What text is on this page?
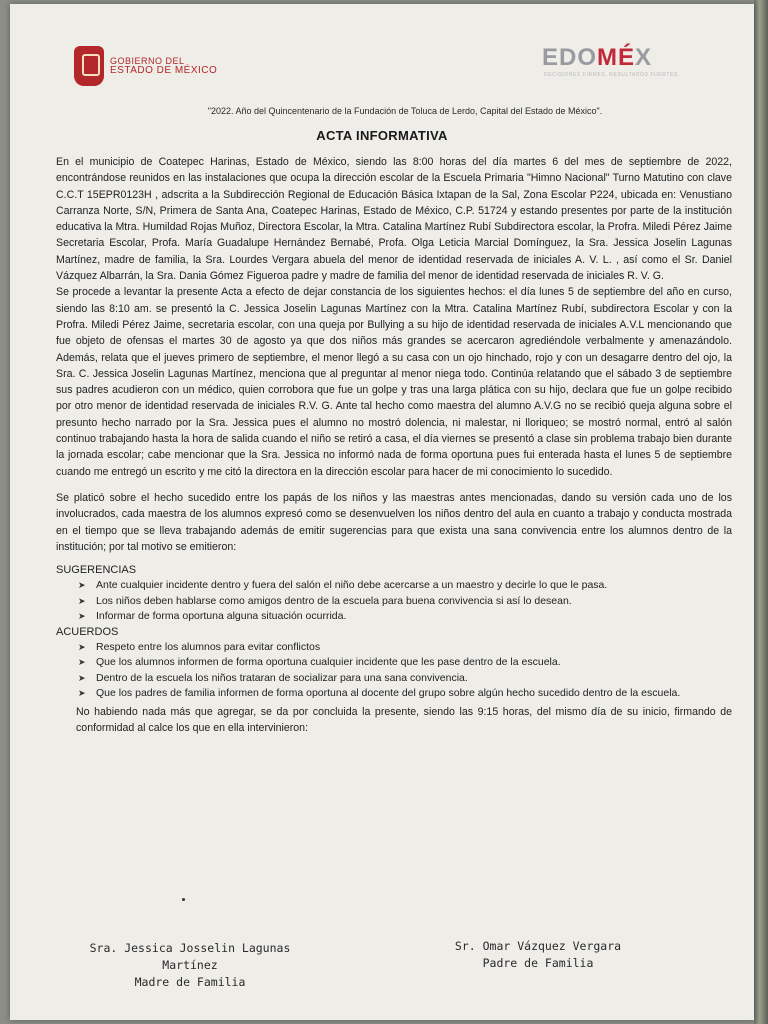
GOBIERNO DEL
ESTADO DE MÉXICO	EDOMÉX
DECISIONES FIRMES, RESULTADOS FUERTES.
"2022. Año del Quincentenario de la Fundación de Toluca de Lerdo, Capital del Estado de México".
ACTA INFORMATIVA

En el municipio de Coatepec Harinas, Estado de México, siendo las 8:00 horas del día martes 6 del mes de septiembre de 2022, encontrándose reunidos en las instalaciones que ocupa la dirección escolar de la Escuela Primaria "Himno Nacional" Turno Matutino con clave C.C.T 15EPR0123H , adscrita a la Subdirección Regional de Educación Básica Ixtapan de la Sal, Zona Escolar P224, ubicada en: Venustiano Carranza Norte, S/N, Primera de Santa Ana, Coatepec Harinas, Estado de México, C.P. 51724 y estando presentes por parte de la institución educativa la Mtra. Humildad Rojas Muñoz, Directora Escolar, la Mtra. Catalina Martínez Rubí Subdirectora escolar, la Profra. Miledi Pérez Jaime Secretaria Escolar, Profa. María Guadalupe Hernández Bernabé, Profa. Olga Leticia Marcial Domínguez, la Sra. Jessica Joselin Lagunas Martínez, madre de familia, la Sra. Lourdes Vergara abuela del menor de identidad reservada de iniciales A. V. L. , así como el Sr. Daniel Vázquez Albarrán, la Sra. Dania Gómez Figueroa padre y madre de familia del menor de identidad reservada de iniciales R. V. G.

Se procede a levantar la presente Acta a efecto de dejar constancia de los siguientes hechos: el día lunes 5 de septiembre del año en curso, siendo las 8:10 am. se presentó la C. Jessica Joselin Lagunas Martínez con la Mtra. Catalina Martínez Rubí, subdirectora Escolar y con la Profra. Miledi Pérez Jaime, secretaria escolar, con una queja por Bullying a su hijo de identidad reservada de iniciales A.V.L mencionando que fue objeto de ofensas el martes 30 de agosto ya que dos niños más grandes se acercaron agrediéndole verbalmente y amenazándolo. Además, relata que el jueves primero de septiembre, el menor llegó a su casa con un ojo hinchado, rojo y con un desagarre dentro del ojo, la Sra. C. Jessica Joselin Lagunas Martínez, menciona que al preguntar al menor niega todo. Continúa relatando que el sábado 3 de septiembre sus padres acudieron con un médico, quien corrobora que fue un golpe y tras una larga plática con su hijo, declara que fue un golpe recibido por otro menor de identidad reservada de iniciales R.V. G. Ante tal hecho como maestra del alumno A.V.G no se recibió queja alguna sobre el presunto hecho narrado por la Sra. Jessica pues el alumno no mostró dolencia, ni malestar, ni lloriqueo; se mostró normal, entró al salón continuo trabajando hasta la hora de salida cuando el niño se retiró a casa, el día viernes se presentó a clase sin problema trabajo bien durante la jornada escolar; cabe mencionar que la Sra. Jessica no informó nada de forma oportuna pues fui enterada hasta el lunes 5 de septiembre cuando me entregó un escrito y me citó la directora en la dirección escolar para hacer de mi conocimiento lo sucedido.

Se platicó sobre el hecho sucedido entre los papás de los niños y las maestras antes mencionadas, dando su versión cada uno de los involucrados, cada maestra de los alumnos expresó como se desenvuelven los niños dentro del aula en cuanto a trabajo y conducta mostrada en el tiempo que se lleva trabajando además de emitir sugerencias para que exista una sana convivencia entre los alumnos dentro de la institución; por tal motivo se emitieron:

SUGERENCIAS
➤ Ante cualquier incidente dentro y fuera del salón el niño debe acercarse a un maestro y decirle lo que le pasa.
➤ Los niños deben hablarse como amigos dentro de la escuela para buena convivencia si así lo desean.
➤ Informar de forma oportuna alguna situación ocurrida.
ACUERDOS
➤ Respeto entre los alumnos para evitar conflictos
➤ Que los alumnos informen de forma oportuna cualquier incidente que les pase dentro de la escuela.
➤ Dentro de la escuela los niños trataran de socializar para una sana convivencia.
➤ Que los padres de familia informen de forma oportuna al docente del grupo sobre algún hecho sucedido dentro de la escuela.
No habiendo nada más que agregar, se da por concluida la presente, siendo las 9:15 horas, del mismo día de su inicio, firmando de conformidad al calce los que en ella intervinieron:
Sra. Jessica Josselin Lagunas Martínez
Madre de Familia
Sr. Omar Vázquez Vergara
Padre de Familia
